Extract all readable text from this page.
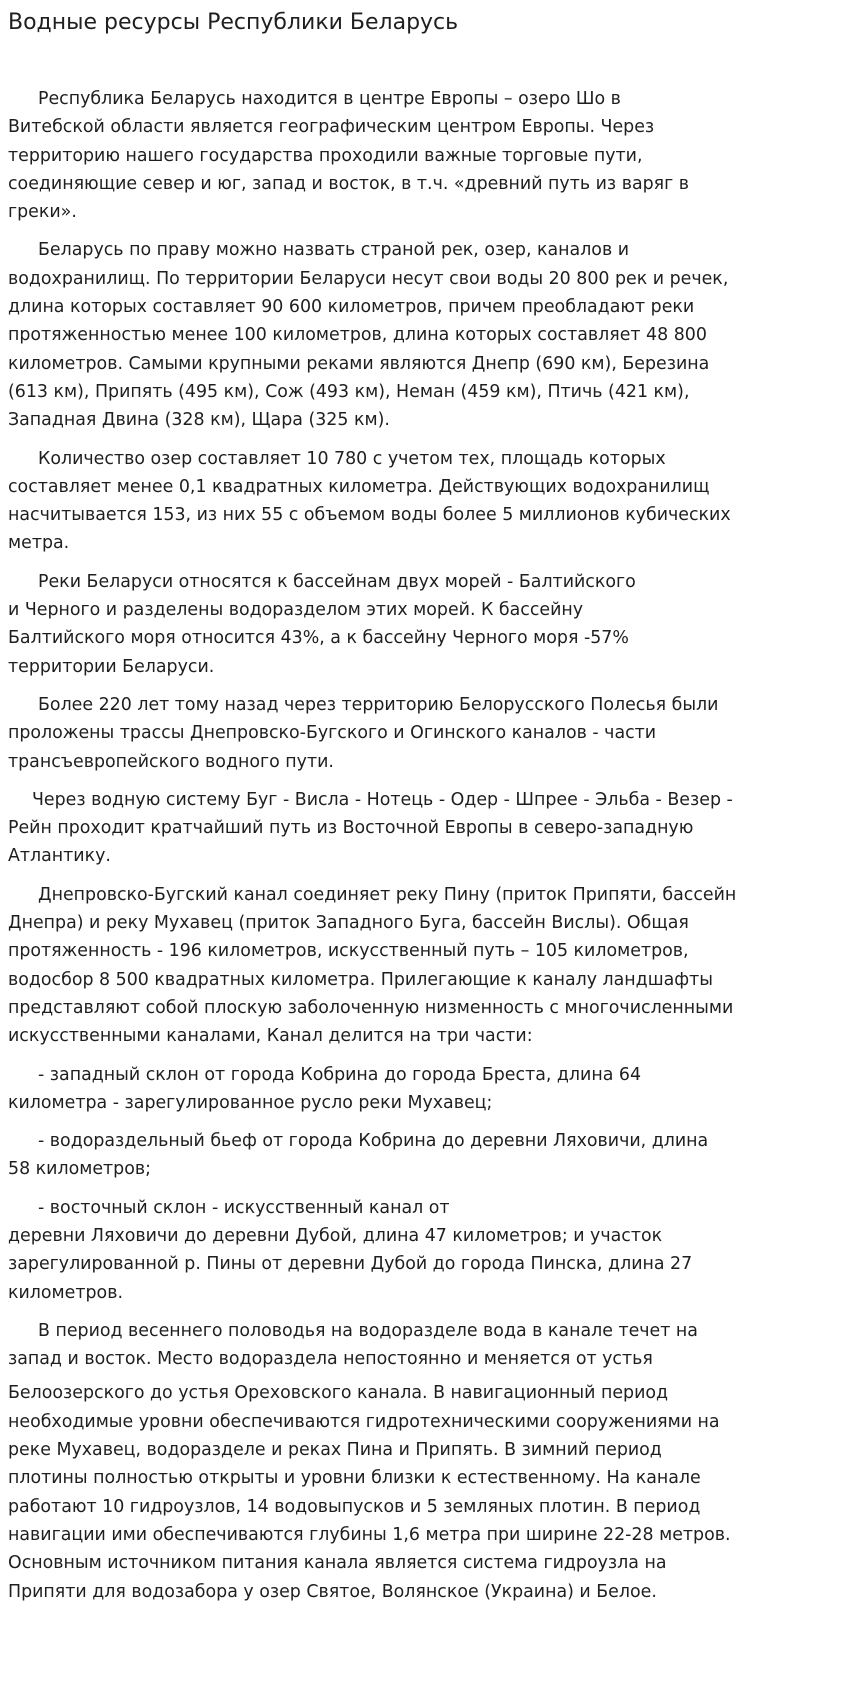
Водные ресурсы Республики Беларусь

Республика Беларусь находится в центре Европы – озеро Шо в
Витебской области является географическим центром Европы. Через
территорию нашего государства проходили важные торговые пути,
соединяющие север и юг, запад и восток, в т.ч. «древний путь из варяг в
греки».

Беларусь по праву можно назвать страной рек, озер, каналов и
водохранилищ. По территории Беларуси несут свои воды 20 800 рек и речек,
длина которых составляет 90 600 километров, причем преобладают реки
протяженностью менее 100 километров, длина которых составляет 48 800
километров. Самыми крупными реками являются Днепр (690 км), Березина
(613 км), Припять (495 км), Сож (493 км), Неман (459 км), Птичь (421 км),
Западная Двина (328 км), Щара (325 км).

Количество озер составляет 10 780 с учетом тех, площадь которых
составляет менее 0,1 квадратных километра. Действующих водохранилищ
насчитывается 153, из них 55 с объемом воды более 5 миллионов кубических
метра.

Реки Беларуси относятся к бассейнам двух морей - Балтийского
и Черного и разделены водоразделом этих морей. К бассейну
Балтийского моря относится 43%, а к бассейну Черного моря -57%
территории Беларуси.

Более 220 лет тому назад через территорию Белорусского Полесья были
проложены трассы Днепровско-Бугского и Огинского каналов - части
трансъевропейского водного пути.

Через водную систему Буг - Висла - Нотець - Одер - Шпрее - Эльба - Везер -
Рейн проходит кратчайший путь из Восточной Европы в северо-западную
Атлантику.

Днепровско-Бугский канал соединяет реку Пину (приток Припяти, бассейн
Днепра) и реку Мухавец (приток Западного Буга, бассейн Вислы). Общая
протяженность - 196 километров, искусственный путь – 105 километров,
водосбор 8 500 квадратных километра. Прилегающие к каналу ландшафты
представляют собой плоскую заболоченную низменность с многочисленными
искусственными каналами, Канал делится на три части:

- западный склон от города Кобрина до города Бреста, длина 64
километра - зарегулированное русло реки Мухавец;

- водораздельный бьеф от города Кобрина до деревни Ляховичи, длина
58 километров;

- восточный склон - искусственный канал от
деревни Ляховичи до деревни Дубой, длина 47 километров; и участок
зарегулированной р. Пины от деревни Дубой до города Пинска, длина 27
километров.

В период весеннего половодья на водоразделе вода в канале течет на
запад и восток. Место водораздела непостоянно и меняется от устья

Белоозерского до устья Ореховского канала. В навигационный период
необходимые уровни обеспечиваются гидротехническими сооружениями на
реке Мухавец, водоразделе и реках Пина и Припять. В зимний период
плотины полностью открыты и уровни близки к естественному. На канале
работают 10 гидроузлов, 14 водовыпусков и 5 земляных плотин. В период
навигации ими обеспечиваются глубины 1,6 метра при ширине 22-28 метров.
Основным источником питания канала является система гидроузла на
Припяти для водозабора у озер Святое, Волянское (Украина) и Белое.
